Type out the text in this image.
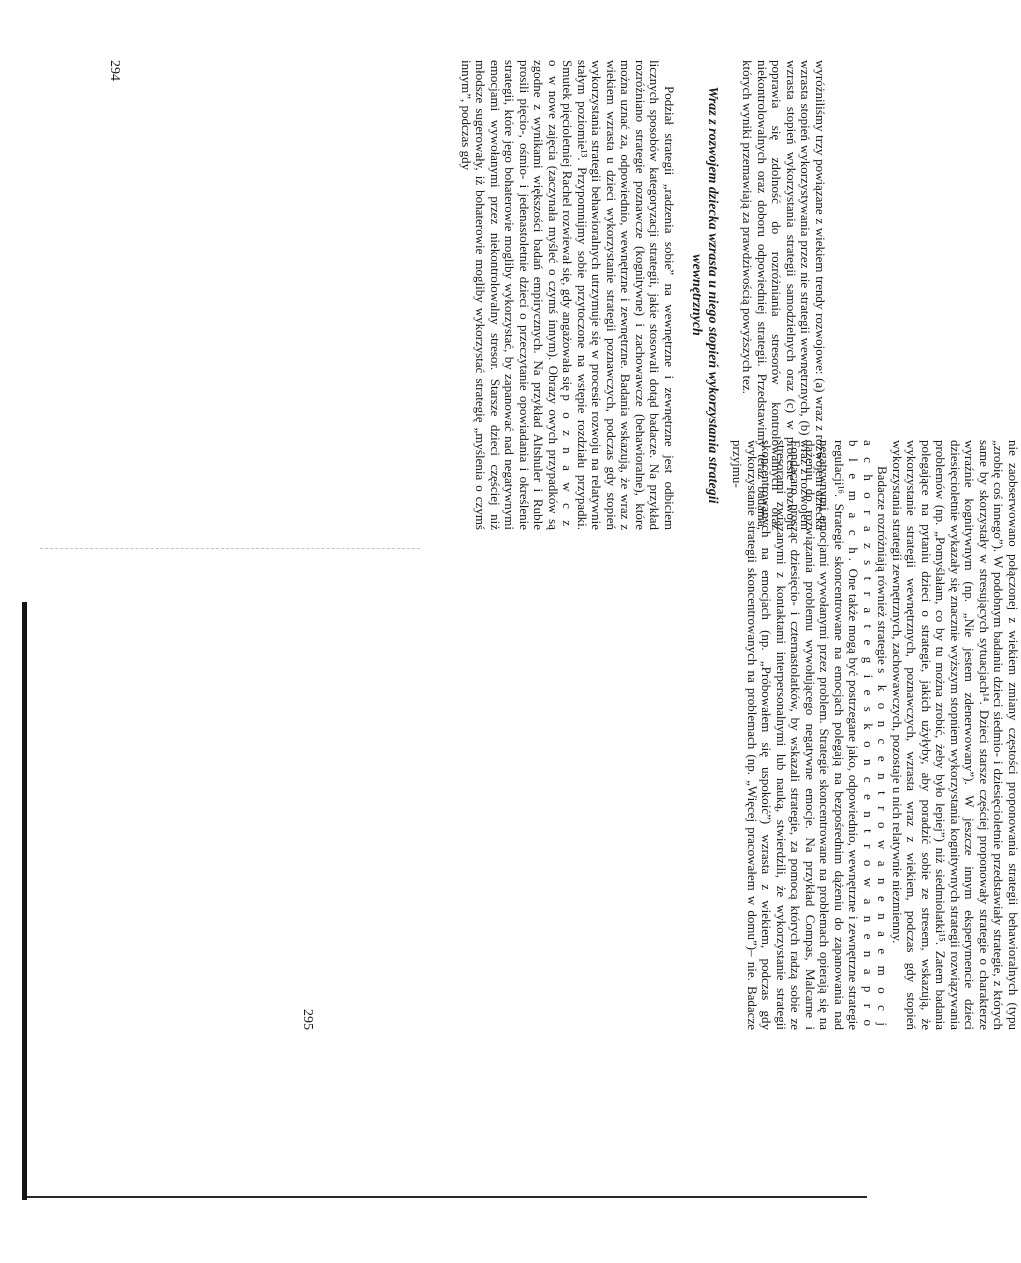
wyróżniliśmy trzy powiązane z wiekiem trendy rozwojowe: (a) wraz z rozwojem dziecka wzrasta stopień wykorzystywania przez nie strategii wewnętrznych, (b) wraz z rozwojem wzrasta stopień wykorzystania strategii samodzielnych oraz (c) w procesie rozwoju poprawia się zdolność do rozróżniania stresorów kontrolowalnych oraz niekontrolowalnych oraz doboru odpowiedniej strategii. Przedstawimy teraz badania, których wyniki przemawiają za prawdziwością powyższych tez.

Wraz z rozwojem dziecka wzrasta u niego stopień wykorzystania strategii wewnętrznych

Podział strategii „radzenia sobie” na wewnętrzne i zewnętrzne jest odbiciem licznych sposobów kategoryzacji strategii, jakie stosowali dotąd badacze. Na przykład rozróżniano strategie poznawcze (kognitywne) i zachowawcze (behawioralne), które można uznać za, odpowiednio, wewnętrzne i zewnętrzne. Badania wskazują, że wraz z wiekiem wzrasta u dzieci wykorzystanie strategii poznawczych, podczas gdy stopień wykorzystania strategii behawioralnych utrzymuje się w procesie rozwoju na relatywnie stałym poziomie¹³. Przypomnijmy sobie przytoczone na wstępie rozdziału przypadki. Smutek pięcioletniej Rachel rozwiewał się, gdy angażowała się p o z n a w c z o w nowe zajęcia (zaczynała myśleć o czymś innym). Obrazy owych przypadków są zgodne z wynikami większości badań empirycznych. Na przykład Altshuler i Ruble prosili pięcio-, ośmio- i jedenastoletnie dzieci o przeczytanie opowiadania i określenie strategii, które jego bohaterowie mogliby wykorzystać, by zapanować nad negatywnymi emocjami wywołanymi przez niekontrolowalny stresor. Starsze dzieci częściej niż młodsze sugerowały, iż bohaterowie mogliby wykorzystać strategię „myślenia o czymś innym”, podczas gdy

294

nie zaobserwowano połączonej z wiekiem zmiany częstości proponowania strategii behawioralnych (typu „zrobię coś innego”). W podobnym badaniu dzieci siedmio- i dziesięcioletnie przedstawiały strategie, z których same by skorzystały w stresujących sytuacjach¹⁴. Dzieci starsze częściej proponowały strategie o charakterze wyraźnie kognitywnym (np. „Nie jestem zdenerwowany”). W jeszcze innym eksperymencie dzieci dziesięcioletnie wykazały się znacznie wyższym stopniem wykorzystania kognitywnych strategii rozwiązywania problemów (np. „Pomyślałam, co by tu można zrobić, żeby było lepiej”) niż siedmiolatki¹⁵. Zatem badania polegające na pytaniu dzieci o strategie, jakich użyłyby, aby poradzić sobie ze stresem, wskazują, że wykorzystanie strategii wewnętrznych, poznawczych, wzrasta wraz z wiekiem, podczas gdy stopień wykorzystania strategii zewnętrznych, zachowawczych, pozostaje u nich relatywnie niezmienny.

Badacze rozróżniają również strategie s k o n c e n t r o w a n e n a e m o c j a c h o r a z s t r a t e g i e s k o n c e n t r o w a n e n a p r o b l e m a c h. One także mogą być postrzegane jako, odpowiednio, wewnętrzne i zewnętrzne strategie regulacji¹⁶. Strategie skoncentrowane na emocjach polegają na bezpośrednim dążeniu do zapanowania nad negatywnymi emocjami wywołanymi przez problem. Strategie skoncentrowane na problemach opierają się na dążeniu do rozwiązania problemu wywołującego negatywne emocje. Na przykład Compas, Malcarne i Fondacaro, prosząc dziesięcio- i czternastolatków, by wskazali strategie, za pomocą których radzą sobie ze stresorami związanymi z kontaktami interpersonalnymi lub nauką, stwierdzili, że wykorzystanie strategii skoncentrowanych na emocjach (np. „Próbowałem się uspokoić”) wzrasta z wiekiem, podczas gdy wykorzystanie strategii skoncentrowanych na problemach (np. „Więcej pracowałem w domu”)– nie. Badacze przyjmu-

295
